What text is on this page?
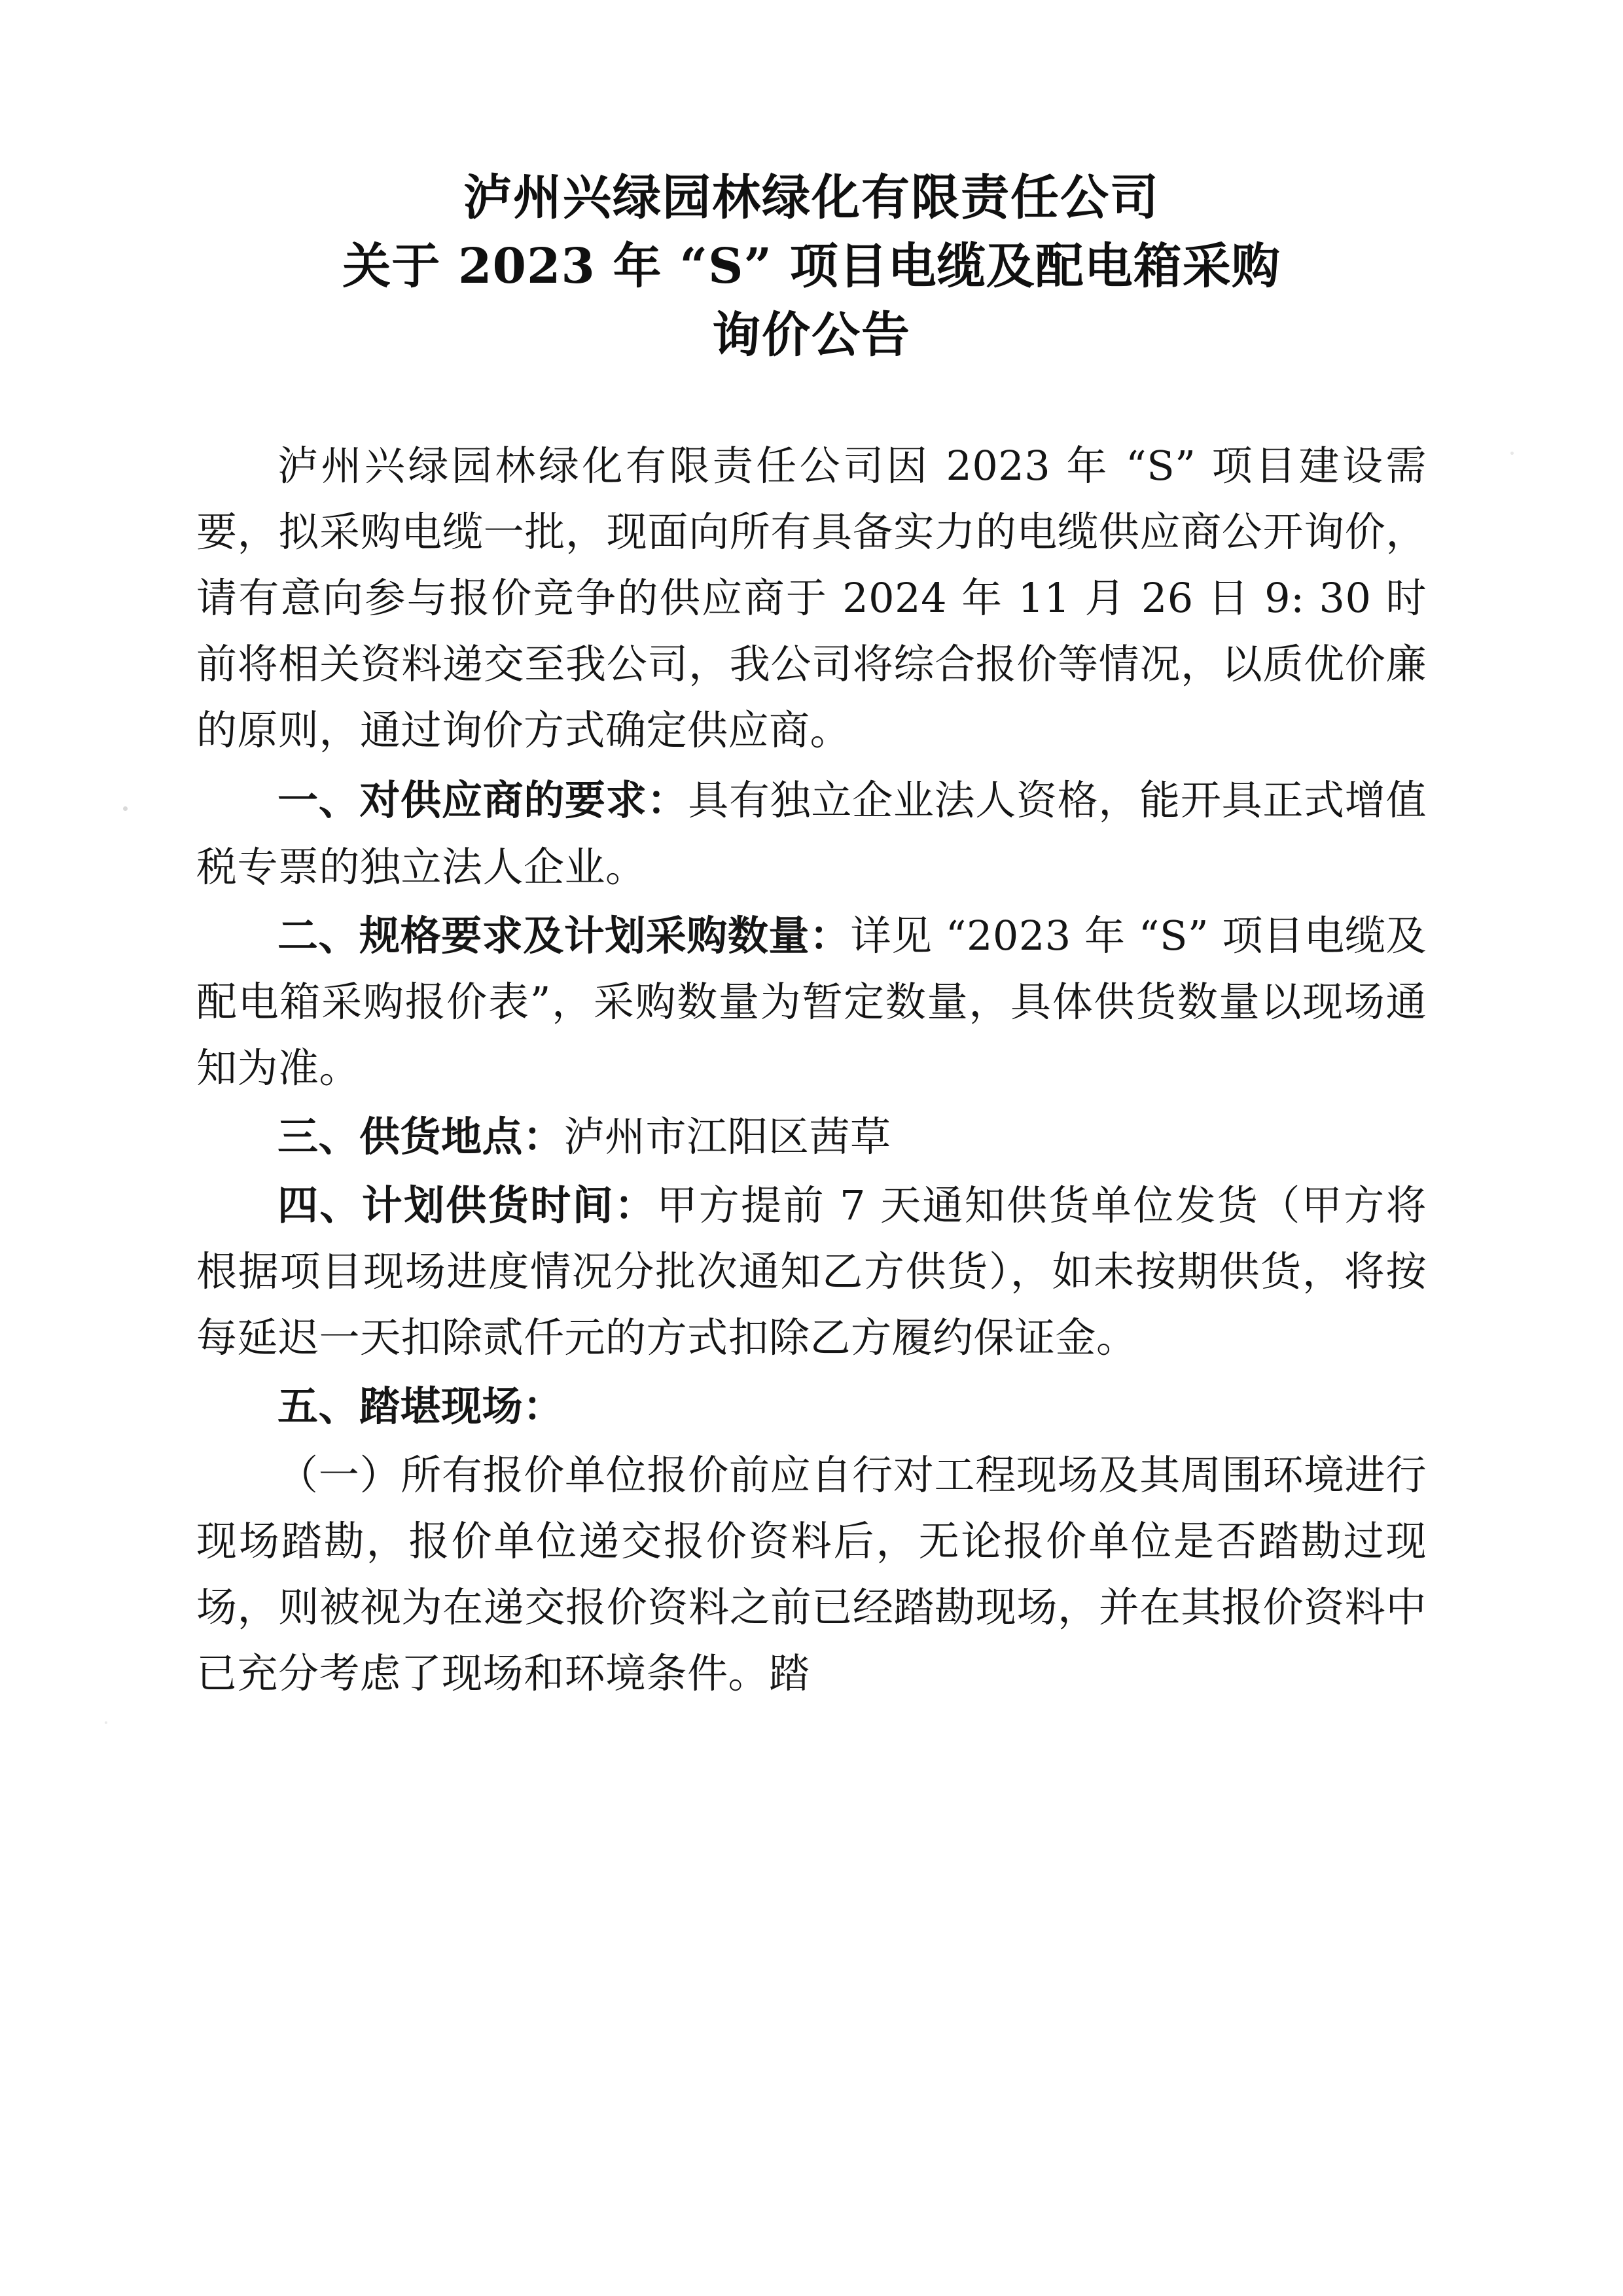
泸州兴绿园林绿化有限责任公司
关于 2023 年 “S” 项目电缆及配电箱采购
询价公告

泸州兴绿园林绿化有限责任公司因 2023 年 “S” 项目建设需要，拟采购电缆一批，现面向所有具备实力的电缆供应商公开询价，请有意向参与报价竞争的供应商于 2024 年 11 月 26 日 9: 30 时前将相关资料递交至我公司，我公司将综合报价等情况，以质优价廉的原则，通过询价方式确定供应商。

一、对供应商的要求：具有独立企业法人资格，能开具正式增值税专票的独立法人企业。

二、规格要求及计划采购数量：详见 “2023 年 “S” 项目电缆及配电箱采购报价表”，采购数量为暂定数量，具体供货数量以现场通知为准。

三、供货地点：泸州市江阳区茜草

四、计划供货时间：甲方提前 7 天通知供货单位发货（甲方将根据项目现场进度情况分批次通知乙方供货），如未按期供货，将按每延迟一天扣除贰仟元的方式扣除乙方履约保证金。

五、踏堪现场：

（一）所有报价单位报价前应自行对工程现场及其周围环境进行现场踏勘，报价单位递交报价资料后，无论报价单位是否踏勘过现场，则被视为在递交报价资料之前已经踏勘现场，并在其报价资料中已充分考虑了现场和环境条件。踏
